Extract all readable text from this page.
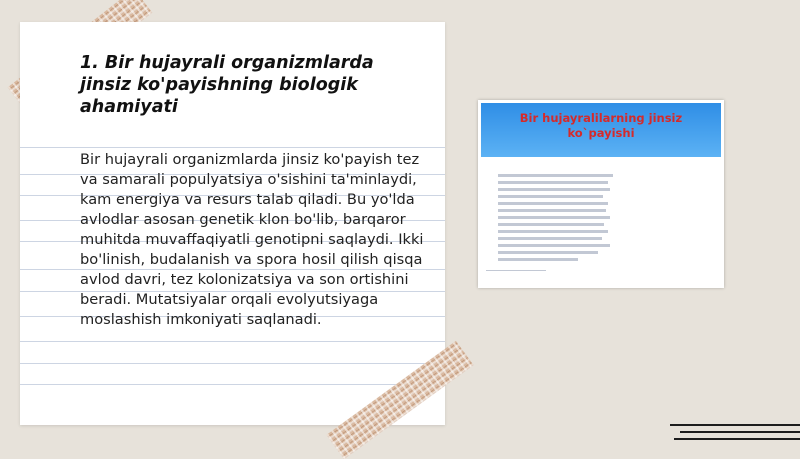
1. Bir hujayrali organizmlarda jinsiz ko'payishning biologik ahamiyati

Bir hujayrali organizmlarda jinsiz ko'payish tez va samarali populyatsiya o'sishini ta'minlaydi, kam energiya va resurs talab qiladi. Bu yo'lda avlodlar asosan genetik klon bo'lib, barqaror muhitda muvaffaqiyatli genotipni saqlaydi. Ikki bo'linish, budalanish va spora hosil qilish qisqa avlod davri, tez kolonizatsiya va son ortishini beradi. Mutatsiyalar orqali evolyutsiyaga moslashish imkoniyati saqlanadi.

Bir hujayralilarning jinsiz ko`payishi
